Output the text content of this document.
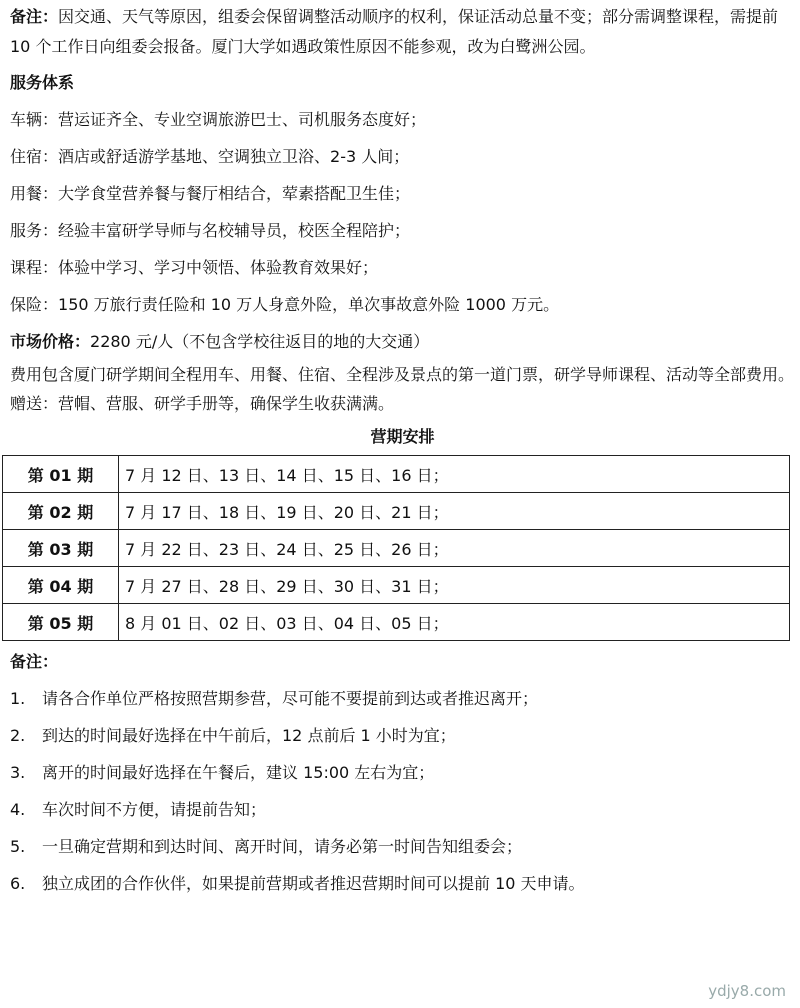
备注：因交通、天气等原因，组委会保留调整活动顺序的权利，保证活动总量不变；部分需调整课程，需提前 10 个工作日向组委会报备。厦门大学如遇政策性原因不能参观，改为白鹭洲公园。

服务体系
车辆：营运证齐全、专业空调旅游巴士、司机服务态度好；
住宿：酒店或舒适游学基地、空调独立卫浴、2-3 人间；
用餐：大学食堂营养餐与餐厅相结合，荤素搭配卫生佳；
服务：经验丰富研学导师与名校辅导员，校医全程陪护；
课程：体验中学习、学习中领悟、体验教育效果好；
保险：150 万旅行责任险和 10 万人身意外险，单次事故意外险 1000 万元。
市场价格：2280 元/人（不包含学校往返目的地的大交通）

费用包含厦门研学期间全程用车、用餐、住宿、全程涉及景点的第一道门票，研学导师课程、活动等全部费用。赠送：营帽、营服、研学手册等，确保学生收获满满。

营期安排
第 01 期	7 月 12 日、13 日、14 日、15 日、16 日；
第 02 期	7 月 17 日、18 日、19 日、20 日、21 日；
第 03 期	7 月 22 日、23 日、24 日、25 日、26 日；
第 04 期	7 月 27 日、28 日、29 日、30 日、31 日；
第 05 期	8 月 01 日、02 日、03 日、04 日、05 日；
备注：
1. 请各合作单位严格按照营期参营，尽可能不要提前到达或者推迟离开；
2. 到达的时间最好选择在中午前后，12 点前后 1 小时为宜；
3. 离开的时间最好选择在午餐后，建议 15:00 左右为宜；
4. 车次时间不方便，请提前告知；
5. 一旦确定营期和到达时间、离开时间，请务必第一时间告知组委会；
6. 独立成团的合作伙伴，如果提前营期或者推迟营期时间可以提前 10 天申请。
ydjy8.com
